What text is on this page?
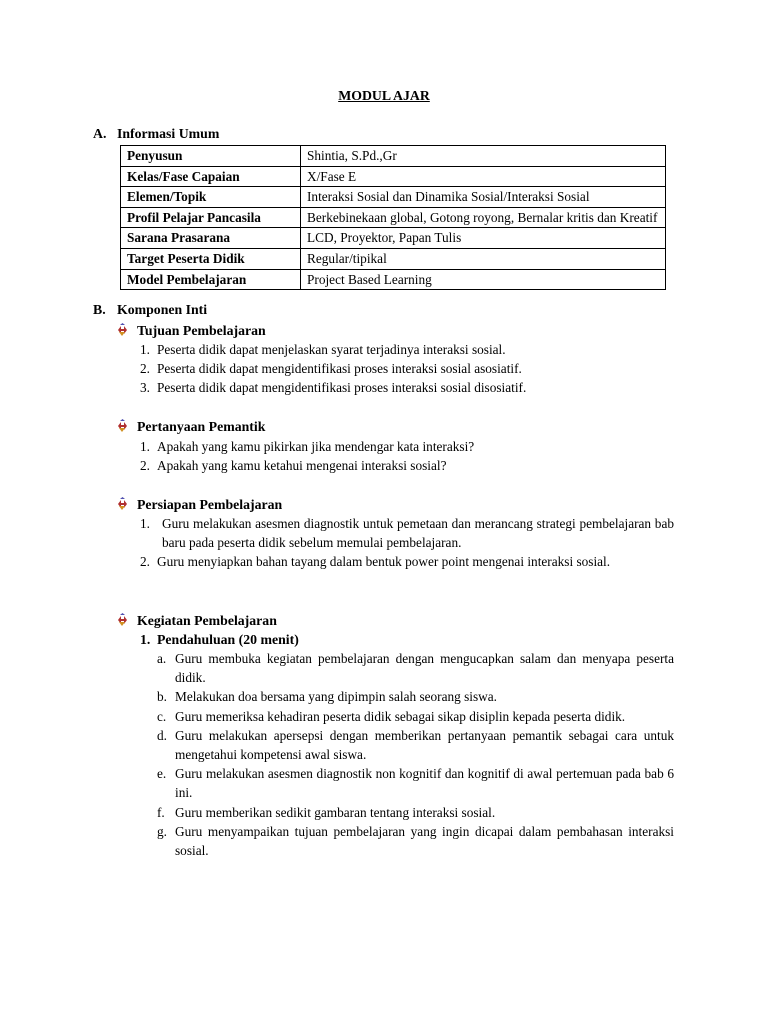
MODUL AJAR
A. Informasi Umum
Penyusun	Shintia, S.Pd.,Gr
Kelas/Fase Capaian	X/Fase E
Elemen/Topik	Interaksi Sosial dan Dinamika Sosial/Interaksi Sosial
Profil Pelajar Pancasila	Berkebinekaan global, Gotong royong, Bernalar kritis dan Kreatif
Sarana Prasarana	LCD, Proyektor, Papan Tulis
Target Peserta Didik	Regular/tipikal
Model Pembelajaran	Project Based Learning
B. Komponen Inti
Tujuan Pembelajaran
1. Peserta didik dapat menjelaskan syarat terjadinya interaksi sosial.
2. Peserta didik dapat mengidentifikasi proses interaksi sosial asosiatif.
3. Peserta didik dapat mengidentifikasi proses interaksi sosial disosiatif.
Pertanyaan Pemantik
1. Apakah yang kamu pikirkan jika mendengar kata interaksi?
2. Apakah yang kamu ketahui mengenai interaksi sosial?
Persiapan Pembelajaran
1. Guru melakukan asesmen diagnostik untuk pemetaan dan merancang strategi pembelajaran bab baru pada peserta didik sebelum memulai pembelajaran.
2. Guru menyiapkan bahan tayang dalam bentuk power point mengenai interaksi sosial.
Kegiatan Pembelajaran
1. Pendahuluan (20 menit)
a. Guru membuka kegiatan pembelajaran dengan mengucapkan salam dan menyapa peserta didik.
b. Melakukan doa bersama yang dipimpin salah seorang siswa.
c. Guru memeriksa kehadiran peserta didik sebagai sikap disiplin kepada peserta didik.
d. Guru melakukan apersepsi dengan memberikan pertanyaan pemantik sebagai cara untuk mengetahui kompetensi awal siswa.
e. Guru melakukan asesmen diagnostik non kognitif dan kognitif di awal pertemuan pada bab 6 ini.
f. Guru memberikan sedikit gambaran tentang interaksi sosial.
g. Guru menyampaikan tujuan pembelajaran yang ingin dicapai dalam pembahasan interaksi sosial.
